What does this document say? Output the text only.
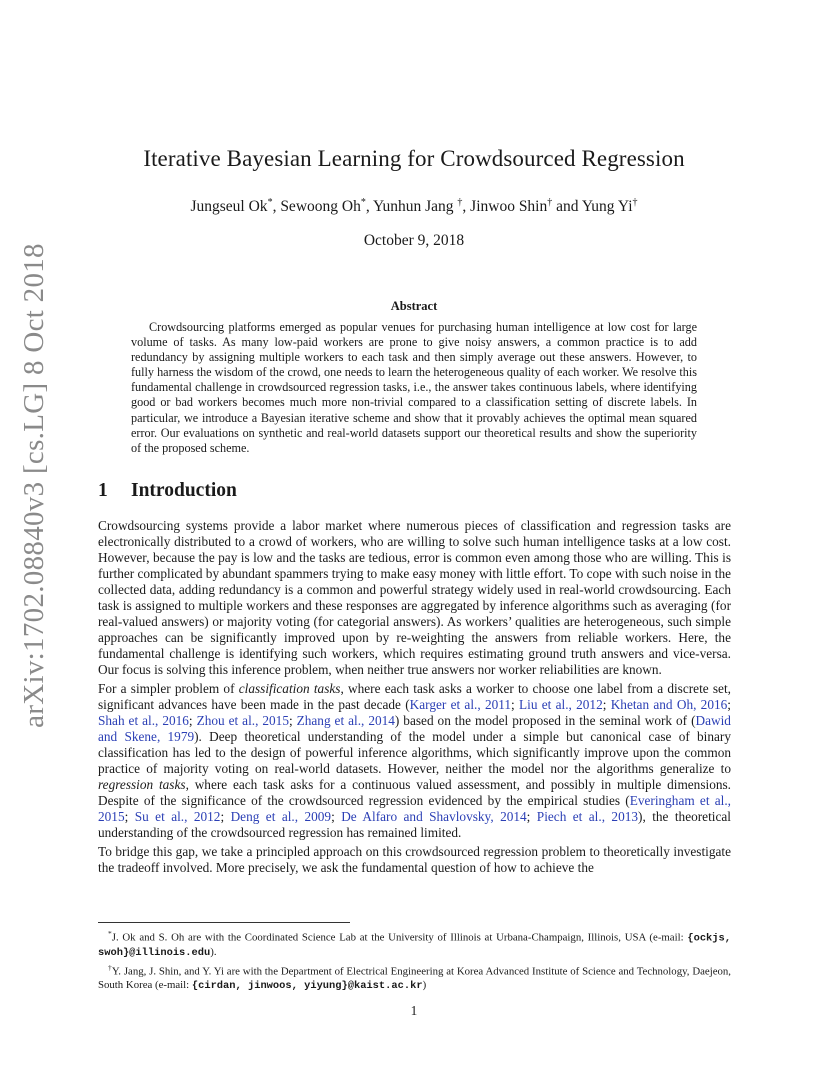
arXiv:1702.08840v3 [cs.LG] 8 Oct 2018
Iterative Bayesian Learning for Crowdsourced Regression
Jungseul Ok*, Sewoong Oh*, Yunhun Jang †, Jinwoo Shin† and Yung Yi†
October 9, 2018
Abstract
Crowdsourcing platforms emerged as popular venues for purchasing human intelligence at low cost for large volume of tasks. As many low-paid workers are prone to give noisy answers, a common practice is to add redundancy by assigning multiple workers to each task and then simply average out these answers. However, to fully harness the wisdom of the crowd, one needs to learn the heterogeneous quality of each worker. We resolve this fundamental challenge in crowdsourced regression tasks, i.e., the answer takes continuous labels, where identifying good or bad workers becomes much more non-trivial compared to a classification setting of discrete labels. In particular, we introduce a Bayesian iterative scheme and show that it provably achieves the optimal mean squared error. Our evaluations on synthetic and real-world datasets support our theoretical results and show the superiority of the proposed scheme.
1 Introduction

Crowdsourcing systems provide a labor market where numerous pieces of classification and regression tasks are electronically distributed to a crowd of workers, who are willing to solve such human intelligence tasks at a low cost. However, because the pay is low and the tasks are tedious, error is common even among those who are willing. This is further complicated by abundant spammers trying to make easy money with little effort. To cope with such noise in the collected data, adding redundancy is a common and powerful strategy widely used in real-world crowdsourcing. Each task is assigned to multiple workers and these responses are aggregated by inference algorithms such as averaging (for real-valued answers) or majority voting (for categorial answers). As workers’ qualities are heterogeneous, such simple approaches can be significantly improved upon by re-weighting the answers from reliable workers. Here, the fundamental challenge is identifying such workers, which requires estimating ground truth answers and vice-versa. Our focus is solving this inference problem, when neither true answers nor worker reliabilities are known.

For a simpler problem of classification tasks, where each task asks a worker to choose one label from a discrete set, significant advances have been made in the past decade (Karger et al., 2011; Liu et al., 2012; Khetan and Oh, 2016; Shah et al., 2016; Zhou et al., 2015; Zhang et al., 2014) based on the model proposed in the seminal work of (Dawid and Skene, 1979). Deep theoretical understanding of the model under a simple but canonical case of binary classification has led to the design of powerful inference algorithms, which significantly improve upon the common practice of majority voting on real-world datasets. However, neither the model nor the algorithms generalize to regression tasks, where each task asks for a continuous valued assessment, and possibly in multiple dimensions. Despite of the significance of the crowdsourced regression evidenced by the empirical studies (Everingham et al., 2015; Su et al., 2012; Deng et al., 2009; De Alfaro and Shavlovsky, 2014; Piech et al., 2013), the theoretical understanding of the crowdsourced regression has remained limited.

To bridge this gap, we take a principled approach on this crowdsourced regression problem to theoretically investigate the tradeoff involved. More precisely, we ask the fundamental question of how to achieve the

*J. Ok and S. Oh are with the Coordinated Science Lab at the University of Illinois at Urbana-Champaign, Illinois, USA (e-mail: {ockjs, swoh}@illinois.edu).

†Y. Jang, J. Shin, and Y. Yi are with the Department of Electrical Engineering at Korea Advanced Institute of Science and Technology, Daejeon, South Korea (e-mail: {cirdan, jinwoos, yiyung}@kaist.ac.kr)

1
